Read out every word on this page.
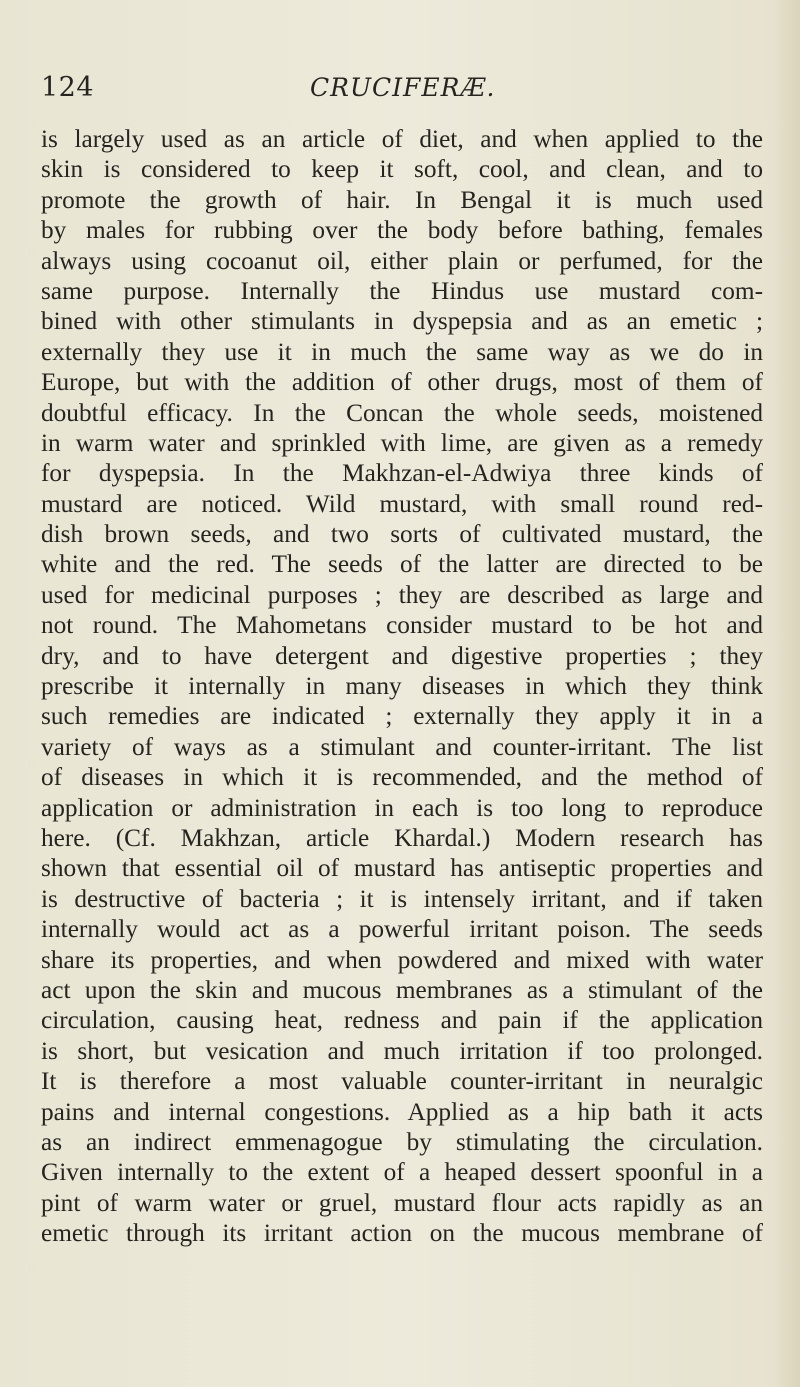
124	CRUCIFERÆ.
is largely used as an article of diet, and when applied to the
skin is considered to keep it soft, cool, and clean, and to
promote the growth of hair. In Bengal it is much used
by males for rubbing over the body before bathing, females
always using cocoanut oil, either plain or perfumed, for the
same purpose. Internally the Hindus use mustard com-
bined with other stimulants in dyspepsia and as an emetic ;
externally they use it in much the same way as we do in
Europe, but with the addition of other drugs, most of them of
doubtful efficacy. In the Concan the whole seeds, moistened
in warm water and sprinkled with lime, are given as a remedy
for dyspepsia. In the Makhzan-el-Adwiya three kinds of
mustard are noticed. Wild mustard, with small round red-
dish brown seeds, and two sorts of cultivated mustard, the
white and the red. The seeds of the latter are directed to be
used for medicinal purposes ; they are described as large and
not round. The Mahometans consider mustard to be hot and
dry, and to have detergent and digestive properties ; they
prescribe it internally in many diseases in which they think
such remedies are indicated ; externally they apply it in a
variety of ways as a stimulant and counter-irritant. The list
of diseases in which it is recommended, and the method of
application or administration in each is too long to reproduce
here. (Cf. Makhzan, article Khardal.) Modern research has
shown that essential oil of mustard has antiseptic properties and
is destructive of bacteria ; it is intensely irritant, and if taken
internally would act as a powerful irritant poison. The seeds
share its properties, and when powdered and mixed with water
act upon the skin and mucous membranes as a stimulant of the
circulation, causing heat, redness and pain if the application
is short, but vesication and much irritation if too prolonged.
It is therefore a most valuable counter-irritant in neuralgic
pains and internal congestions. Applied as a hip bath it acts
as an indirect emmenagogue by stimulating the circulation.
Given internally to the extent of a heaped dessert spoonful in a
pint of warm water or gruel, mustard flour acts rapidly as an
emetic through its irritant action on the mucous membrane of
